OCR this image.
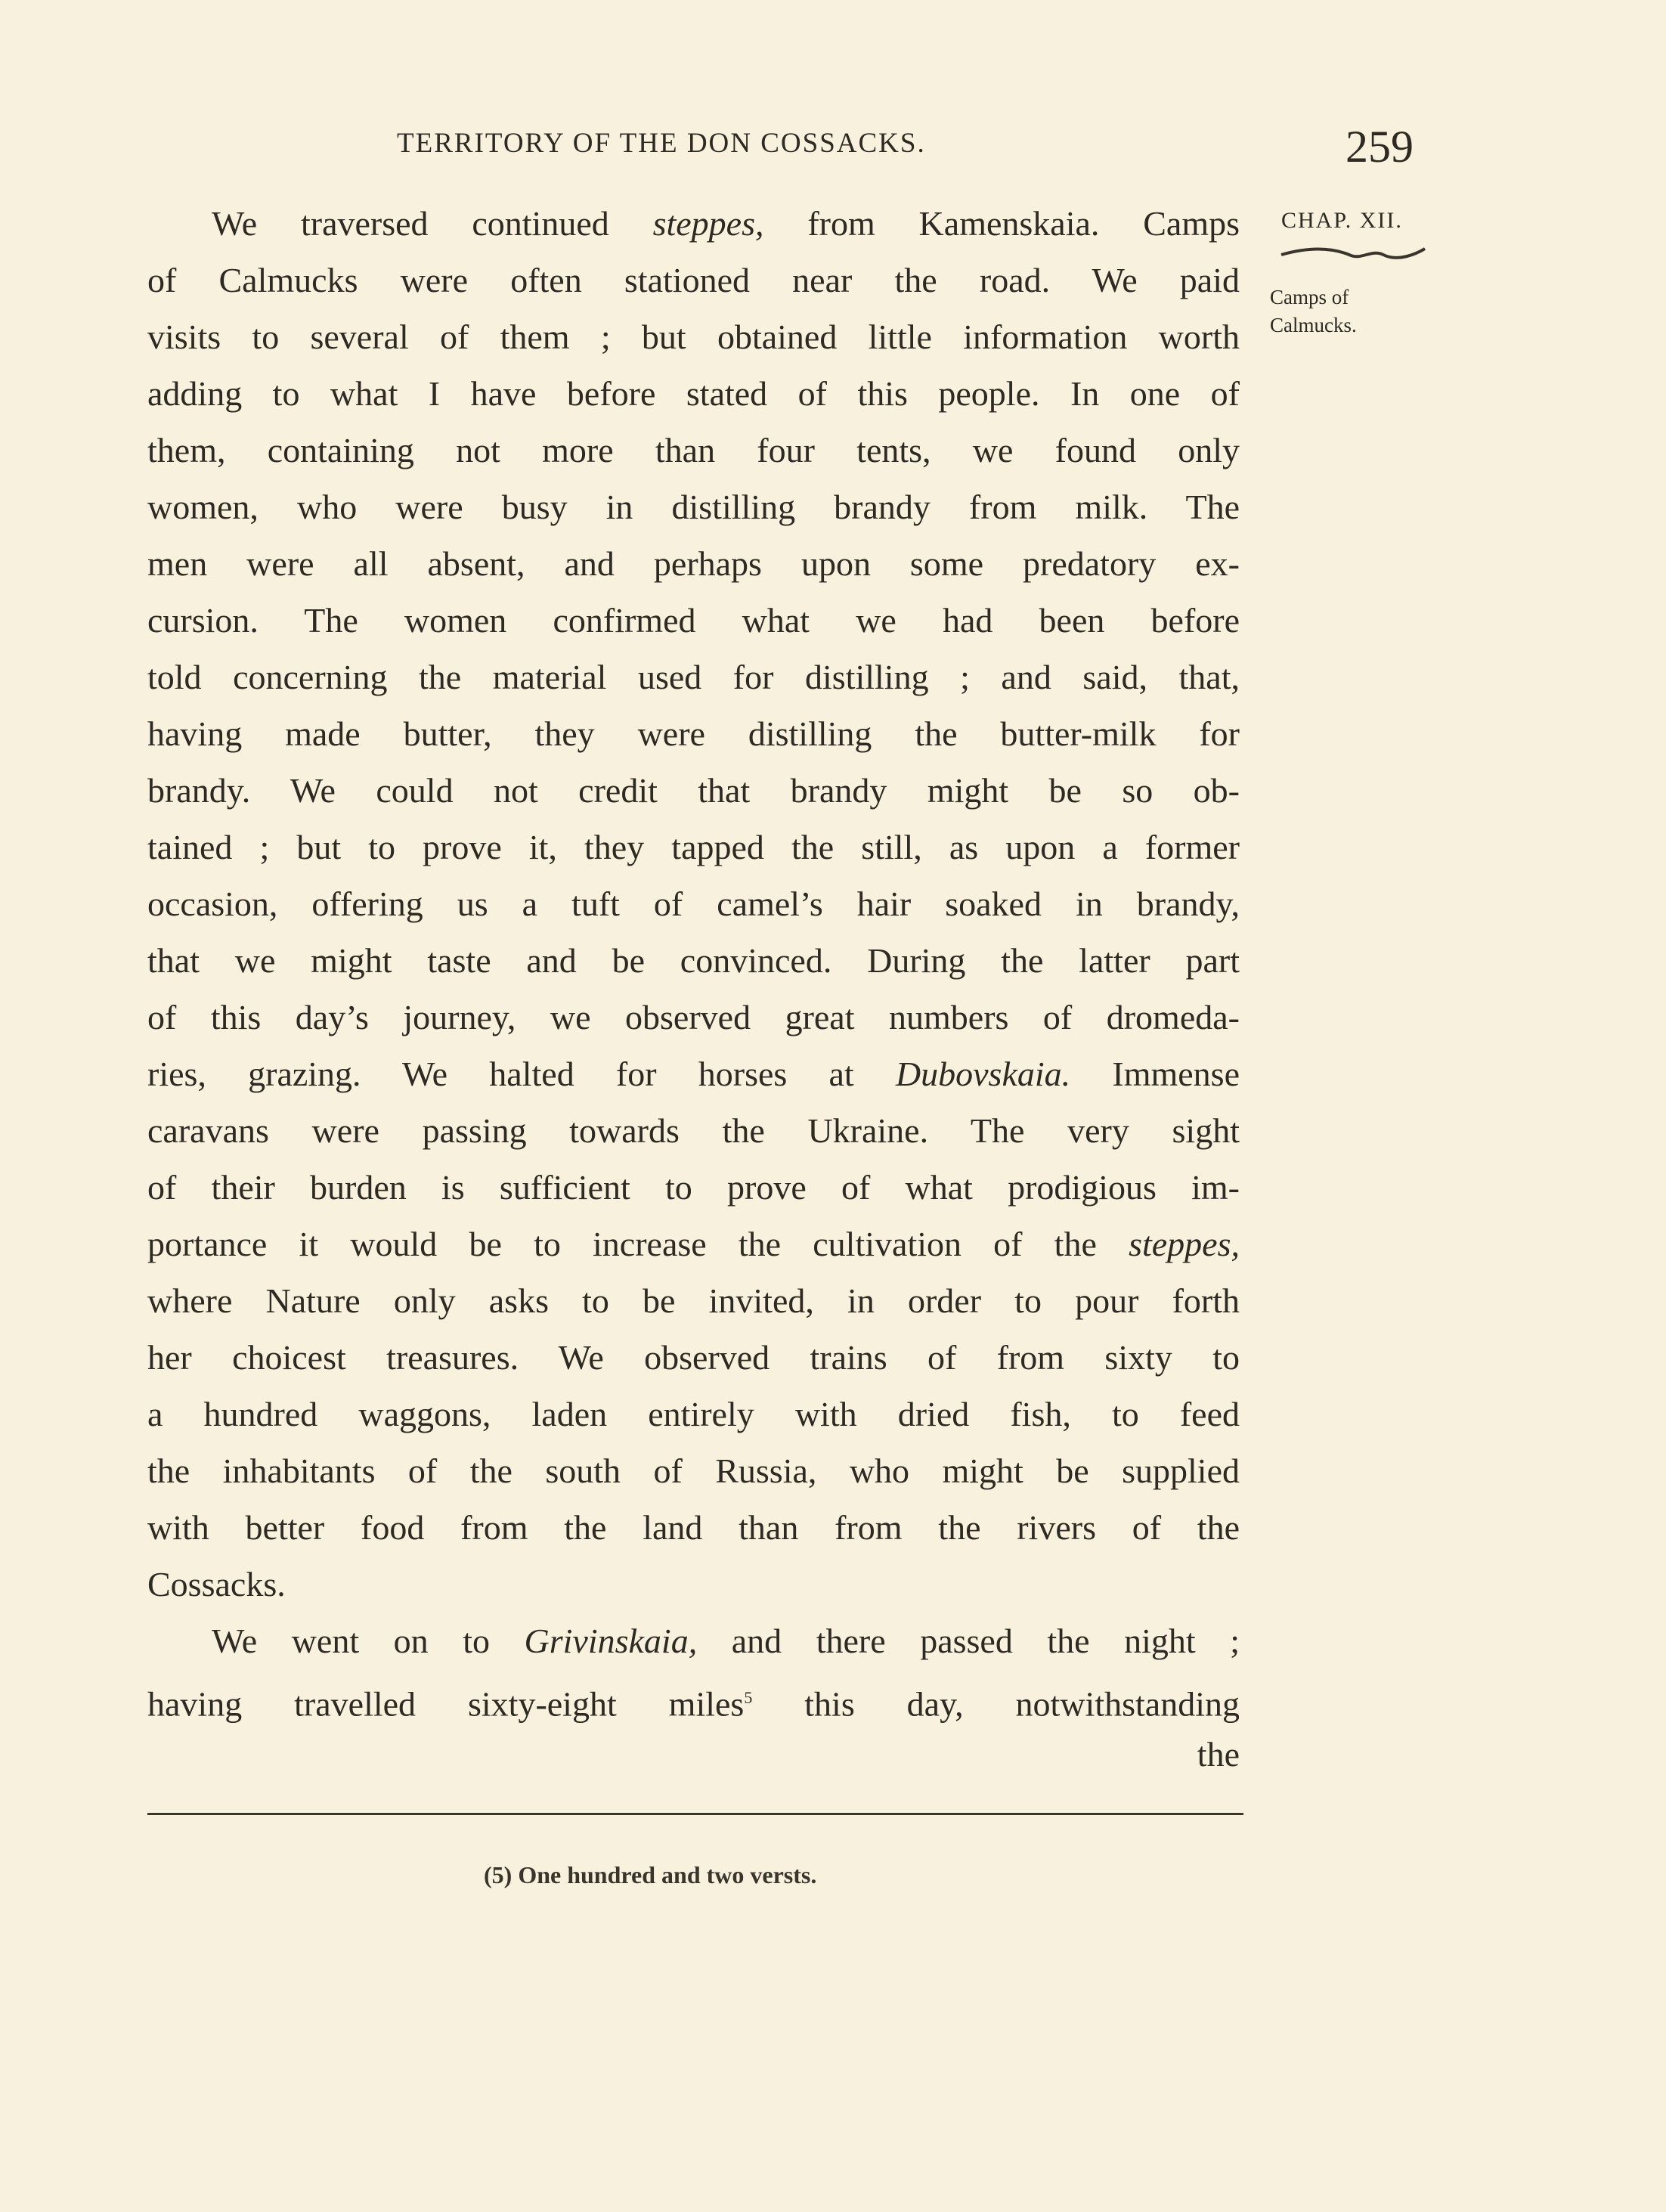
TERRITORY OF THE DON COSSACKS.	259
CHAP. XII.
Camps of
Calmucks.
We traversed continued steppes, from Kamenskaia. Camps
of Calmucks were often stationed near the road. We paid
visits to several of them ; but obtained little information worth
adding to what I have before stated of this people. In one of
them, containing not more than four tents, we found only
women, who were busy in distilling brandy from milk. The
men were all absent, and perhaps upon some predatory ex-
cursion. The women confirmed what we had been before
told concerning the material used for distilling ; and said, that,
having made butter, they were distilling the butter-milk for
brandy. We could not credit that brandy might be so ob-
tained ; but to prove it, they tapped the still, as upon a former
occasion, offering us a tuft of camel’s hair soaked in brandy,
that we might taste and be convinced. During the latter part
of this day’s journey, we observed great numbers of dromeda-
ries, grazing. We halted for horses at Dubovskaia. Immense
caravans were passing towards the Ukraine. The very sight
of their burden is sufficient to prove of what prodigious im-
portance it would be to increase the cultivation of the steppes,
where Nature only asks to be invited, in order to pour forth
her choicest treasures. We observed trains of from sixty to
a hundred waggons, laden entirely with dried fish, to feed
the inhabitants of the south of Russia, who might be supplied
with better food from the land than from the rivers of the
Cossacks.
We went on to Grivinskaia, and there passed the night ;
having travelled sixty-eight miles$^5$ this day, notwithstanding
the
(5) One hundred and two versts.
